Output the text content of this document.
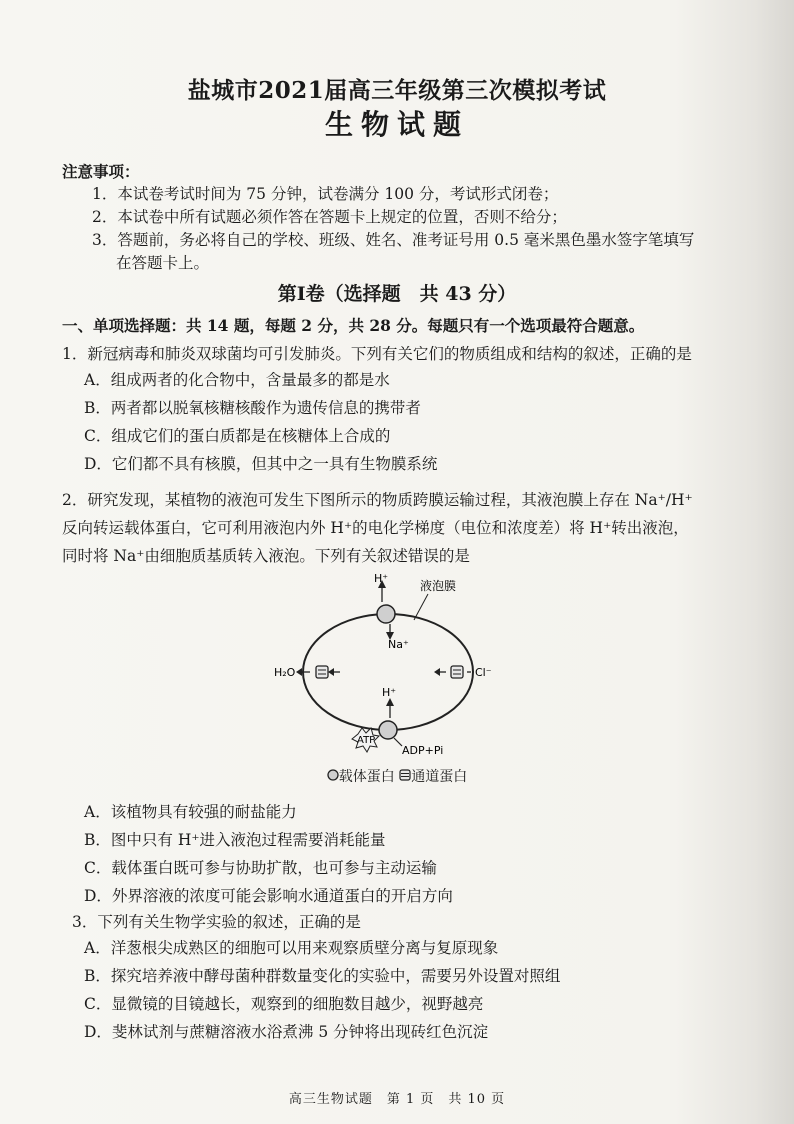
盐城市2021届高三年级第三次模拟考试
生物试题
注意事项：
1．本试卷考试时间为 75 分钟，试卷满分 100 分，考试形式闭卷；
2．本试卷中所有试题必须作答在答题卡上规定的位置，否则不给分；
3．答题前，务必将自己的学校、班级、姓名、准考证号用 0.5 毫米黑色墨水签字笔填写
在答题卡上。
第Ⅰ卷（选择题　共 43 分）
一、单项选择题：共 14 题，每题 2 分，共 28 分。每题只有一个选项最符合题意。
1．新冠病毒和肺炎双球菌均可引发肺炎。下列有关它们的物质组成和结构的叙述，正确的是
A．组成两者的化合物中，含量最多的都是水
B．两者都以脱氧核糖核酸作为遗传信息的携带者
C．组成它们的蛋白质都是在核糖体上合成的
D．它们都不具有核膜，但其中之一具有生物膜系统
2．研究发现，某植物的液泡可发生下图所示的物质跨膜运输过程，其液泡膜上存在 Na⁺/H⁺
反向转运载体蛋白，它可利用液泡内外 H⁺的电化学梯度（电位和浓度差）将 H⁺转出液泡，
同时将 Na⁺由细胞质基质转入液泡。下列有关叙述错误的是
液泡膜
H⁺
Na⁺
H₂O	Cl⁻
H⁺
ATP
ADP+Pi
载体蛋白 通道蛋白
A．该植物具有较强的耐盐能力
B．图中只有 H⁺进入液泡过程需要消耗能量
C．载体蛋白既可参与协助扩散，也可参与主动运输
D．外界溶液的浓度可能会影响水通道蛋白的开启方向
3．下列有关生物学实验的叙述，正确的是
A．洋葱根尖成熟区的细胞可以用来观察质壁分离与复原现象
B．探究培养液中酵母菌种群数量变化的实验中，需要另外设置对照组
C．显微镜的目镜越长，观察到的细胞数目越少，视野越亮
D．斐林试剂与蔗糖溶液水浴煮沸 5 分钟将出现砖红色沉淀
高三生物试题　第 1 页　共 10 页
